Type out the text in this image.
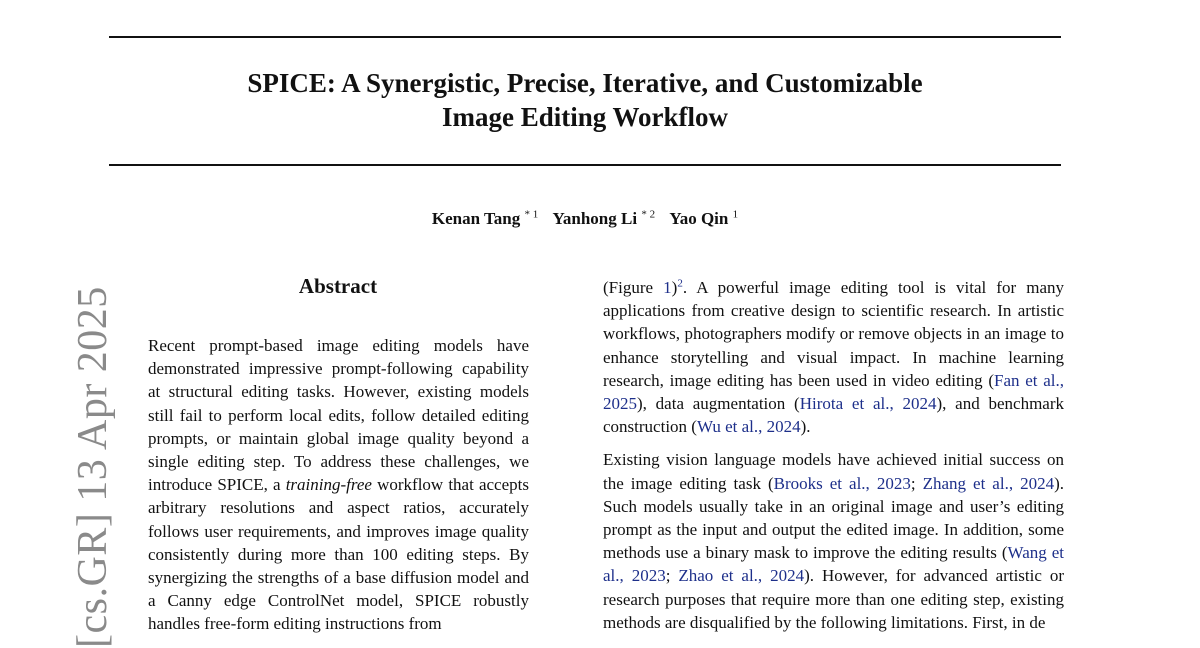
SPICE: A Synergistic, Precise, Iterative, and Customizable
Image Editing Workflow
Kenan Tang $^{* 1}$ Yanhong Li $^{* 2}$ Yao Qin $^1$
[cs.GR] 13 Apr 2025
Abstract

Recent prompt-based image editing models have demonstrated impressive prompt-following capability at structural editing tasks. However, existing models still fail to perform local edits, follow detailed editing prompts, or maintain global image quality beyond a single editing step. To address these challenges, we introduce SPICE, a training-free workflow that accepts arbitrary resolutions and aspect ratios, accurately follows user requirements, and improves image quality consistently during more than 100 editing steps. By synergizing the strengths of a base diffusion model and a Canny edge ControlNet model, SPICE robustly handles free-form editing instructions from

(Figure 1)$^2$. A powerful image editing tool is vital for many applications from creative design to scientific research. In artistic workflows, photographers modify or remove objects in an image to enhance storytelling and visual impact. In machine learning research, image editing has been used in video editing (Fan et al., 2025), data augmentation (Hirota et al., 2024), and benchmark construction (Wu et al., 2024).

Existing vision language models have achieved initial success on the image editing task (Brooks et al., 2023; Zhang et al., 2024). Such models usually take in an original image and user’s editing prompt as the input and output the edited image. In addition, some methods use a binary mask to improve the editing results (Wang et al., 2023; Zhao et al., 2024). However, for advanced artistic or research purposes that require more than one editing step, existing methods are disqualified by the following limitations. First, in de
